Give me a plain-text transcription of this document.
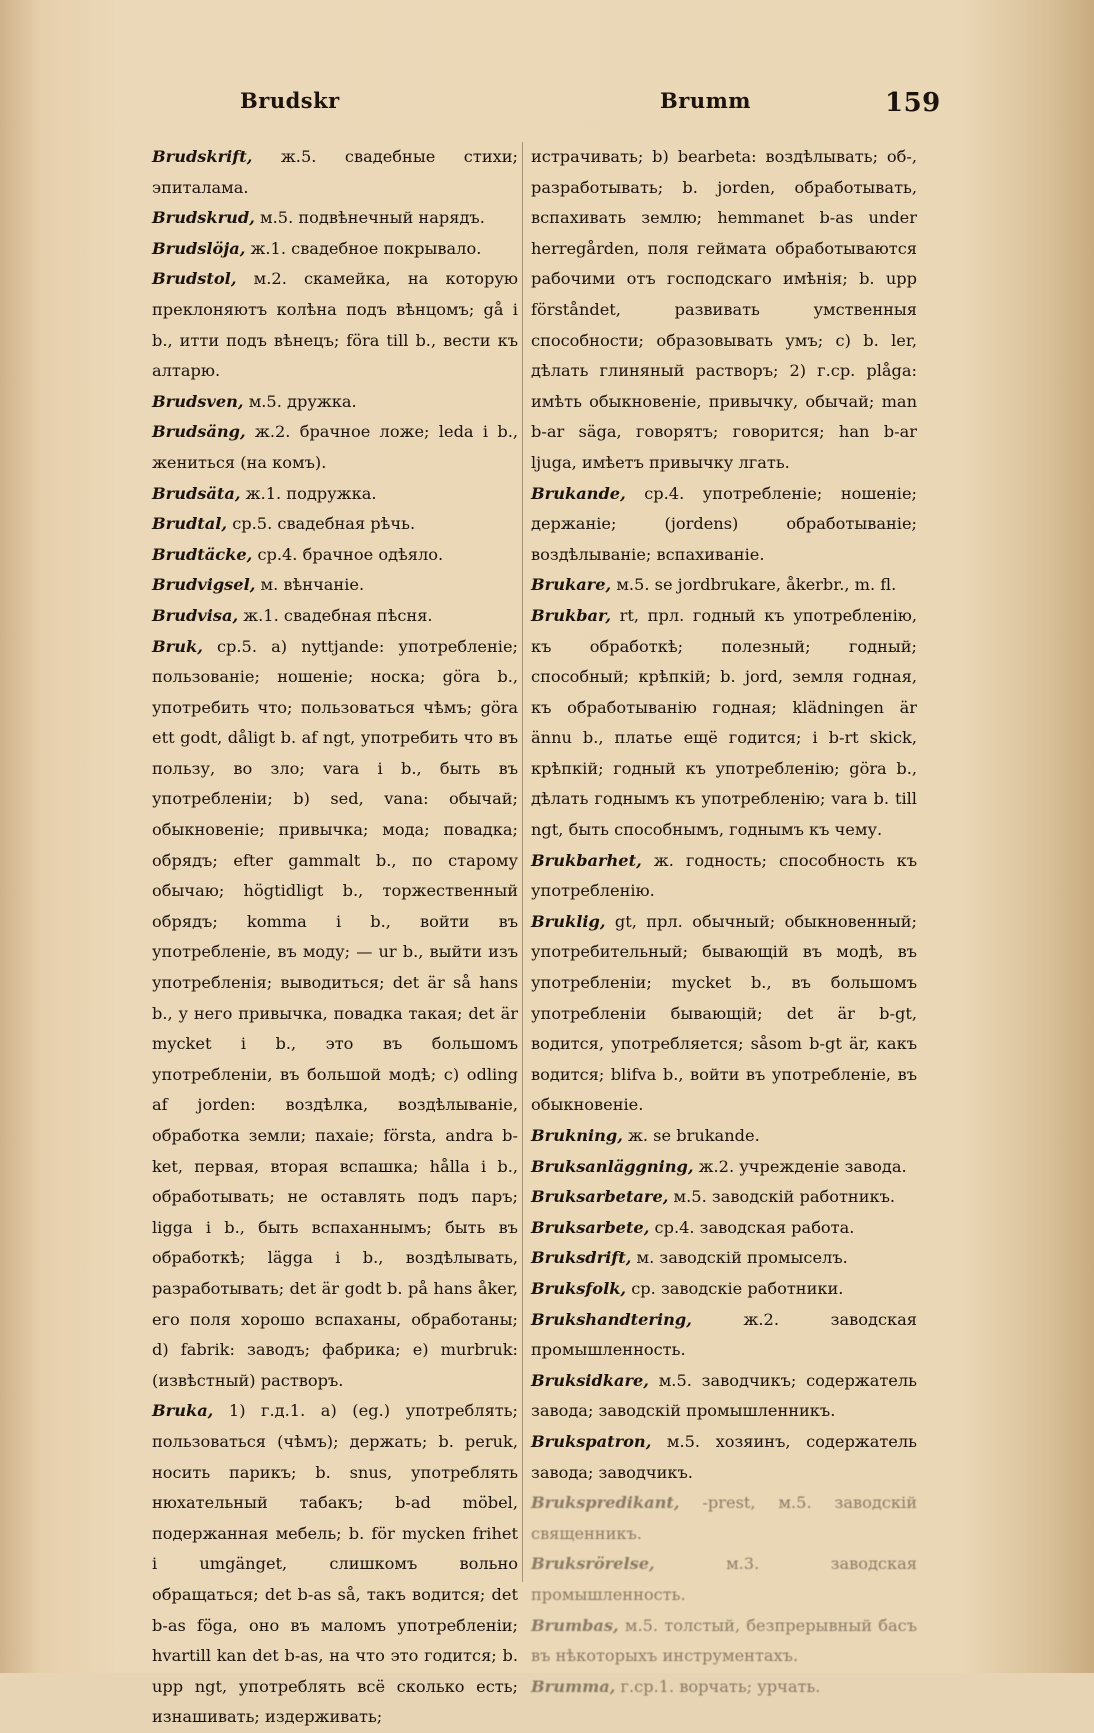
Brudskr	Brumm	159
Brudskrift, ж.5. свадебные стихи; эпиталама.
Brudskrud, м.5. подвѣнечный нарядъ.
Brudslöja, ж.1. свадебное покрывало.
Brudstol, м.2. скамейка, на которую преклоняютъ колѣна подъ вѣнцомъ; gå i b., итти подъ вѣнецъ; föra till b., вести къ алтарю.
Brudsven, м.5. дружка.
Brudsäng, ж.2. брачное ложе; leda i b., жениться (на комъ).
Brudsäta, ж.1. подружка.
Brudtal, ср.5. свадебная рѣчь.
Brudtäcke, ср.4. брачное одѣяло.
Brudvigsel, м. вѣнчаніе.
Brudvisa, ж.1. свадебная пѣсня.
Bruk, ср.5. a) nyttjande: употребленіе; пользованіе; ношеніе; носка; göra b., употребить что; пользоваться чѣмъ; göra ett godt, dåligt b. af ngt, употребить что въ пользу, во зло; vara i b., быть въ употребленіи; b) sed, vana: обычай; обыкновеніе; привычка; мода; повадка; обрядъ; efter gammalt b., по старому обычаю; högtidligt b., торжественный обрядъ; komma i b., войти въ употребленіе, въ моду; — ur b., выйти изъ употребленія; выводиться; det är så hans b., у него привычка, повадка такая; det är mycket i b., это въ большомъ употребленіи, въ большой модѣ; c) odling af jorden: воздѣлка, воздѣлываніе, обработка земли; пахаіе; första, andra b-ket, первая, вторая вспашка; hålla i b., обработывать; не оставлять подъ паръ; ligga i b., быть вспаханнымъ; быть въ обработкѣ; lägga i b., воздѣлывать, разработывать; det är godt b. på hans åker, его поля хорошо вспаханы, обработаны; d) fabrik: заводъ; фабрика; e) murbruk: (извѣстный) растворъ.
Bruka, 1) г.д.1. a) (eg.) употреблять; пользоваться (чѣмъ); держать; b. peruk, носить парикъ; b. snus, употреблять нюхательный табакъ; b-ad möbel, подержанная мебель; b. för mycken frihet i umgänget, слишкомъ вольно обращаться; det b-as så, такъ водится; det b-as föga, оно въ маломъ употребленіи; hvartill kan det b-as, на что это годится; b. upp ngt, употреблять всё сколько есть; изнашивать; издерживать;
истрачивать; b) bearbeta: воздѣлывать; об-, разработывать; b. jorden, обработывать, вспахивать землю; hemmanet b-as under herregården, поля геймата обработываются рабочими отъ господскаго имѣнія; b. upp förståndet, развивать умственныя способности; образовывать умъ; c) b. ler, дѣлать глиняный растворъ; 2) г.ср. plåga: имѣть обыкновеніе, привычку, обычай; man b-ar säga, говорятъ; говорится; han b-ar ljuga, имѣетъ привычку лгать.
Brukande, ср.4. употребленіе; ношеніе; держаніе; (jordens) обработываніе; воздѣлываніе; вспахиваніе.
Brukare, м.5. se jordbrukare, åkerbr., m. fl.
Brukbar, rt, прл. годный къ употребленію, къ обработкѣ; полезный; годный; способный; крѣпкій; b. jord, земля годная, къ обработыванію годная; klädningen är ännu b., платье ещё годится; i b-rt skick, крѣпкій; годный къ употребленію; göra b., дѣлать годнымъ къ употребленію; vara b. till ngt, быть способнымъ, годнымъ къ чему.
Brukbarhet, ж. годность; способность къ употребленію.
Bruklig, gt, прл. обычный; обыкновенный; употребительный; бывающій въ модѣ, въ употребленіи; mycket b., въ большомъ употребленіи бывающій; det är b-gt, водится, употребляется; såsom b-gt är, какъ водится; blifva b., войти въ употребленіе, въ обыкновеніе.
Brukning, ж. se brukande.
Bruksanläggning, ж.2. учрежденіе завода.
Bruksarbetare, м.5. заводскій работникъ.
Bruksarbete, ср.4. заводская работа.
Bruksdrift, м. заводскій промыселъ.
Bruksfolk, ср. заводскіе работники.
Brukshandtering,	ж.2. заводская промышленность.
Bruksidkare, м.5. заводчикъ; содержатель завода; заводскій промышленникъ.
Brukspatron, м.5. хозяинъ, содержатель завода; заводчикъ.
Brukspredikant, -prest, м.5. заводскій священникъ.
Bruksrörelse,	м.3. заводская промышленность.
Brumbas, м.5. толстый, безпрерывный басъ въ нѣкоторыхъ инструментахъ.
Brumma, г.ср.1. ворчать; урчать.
